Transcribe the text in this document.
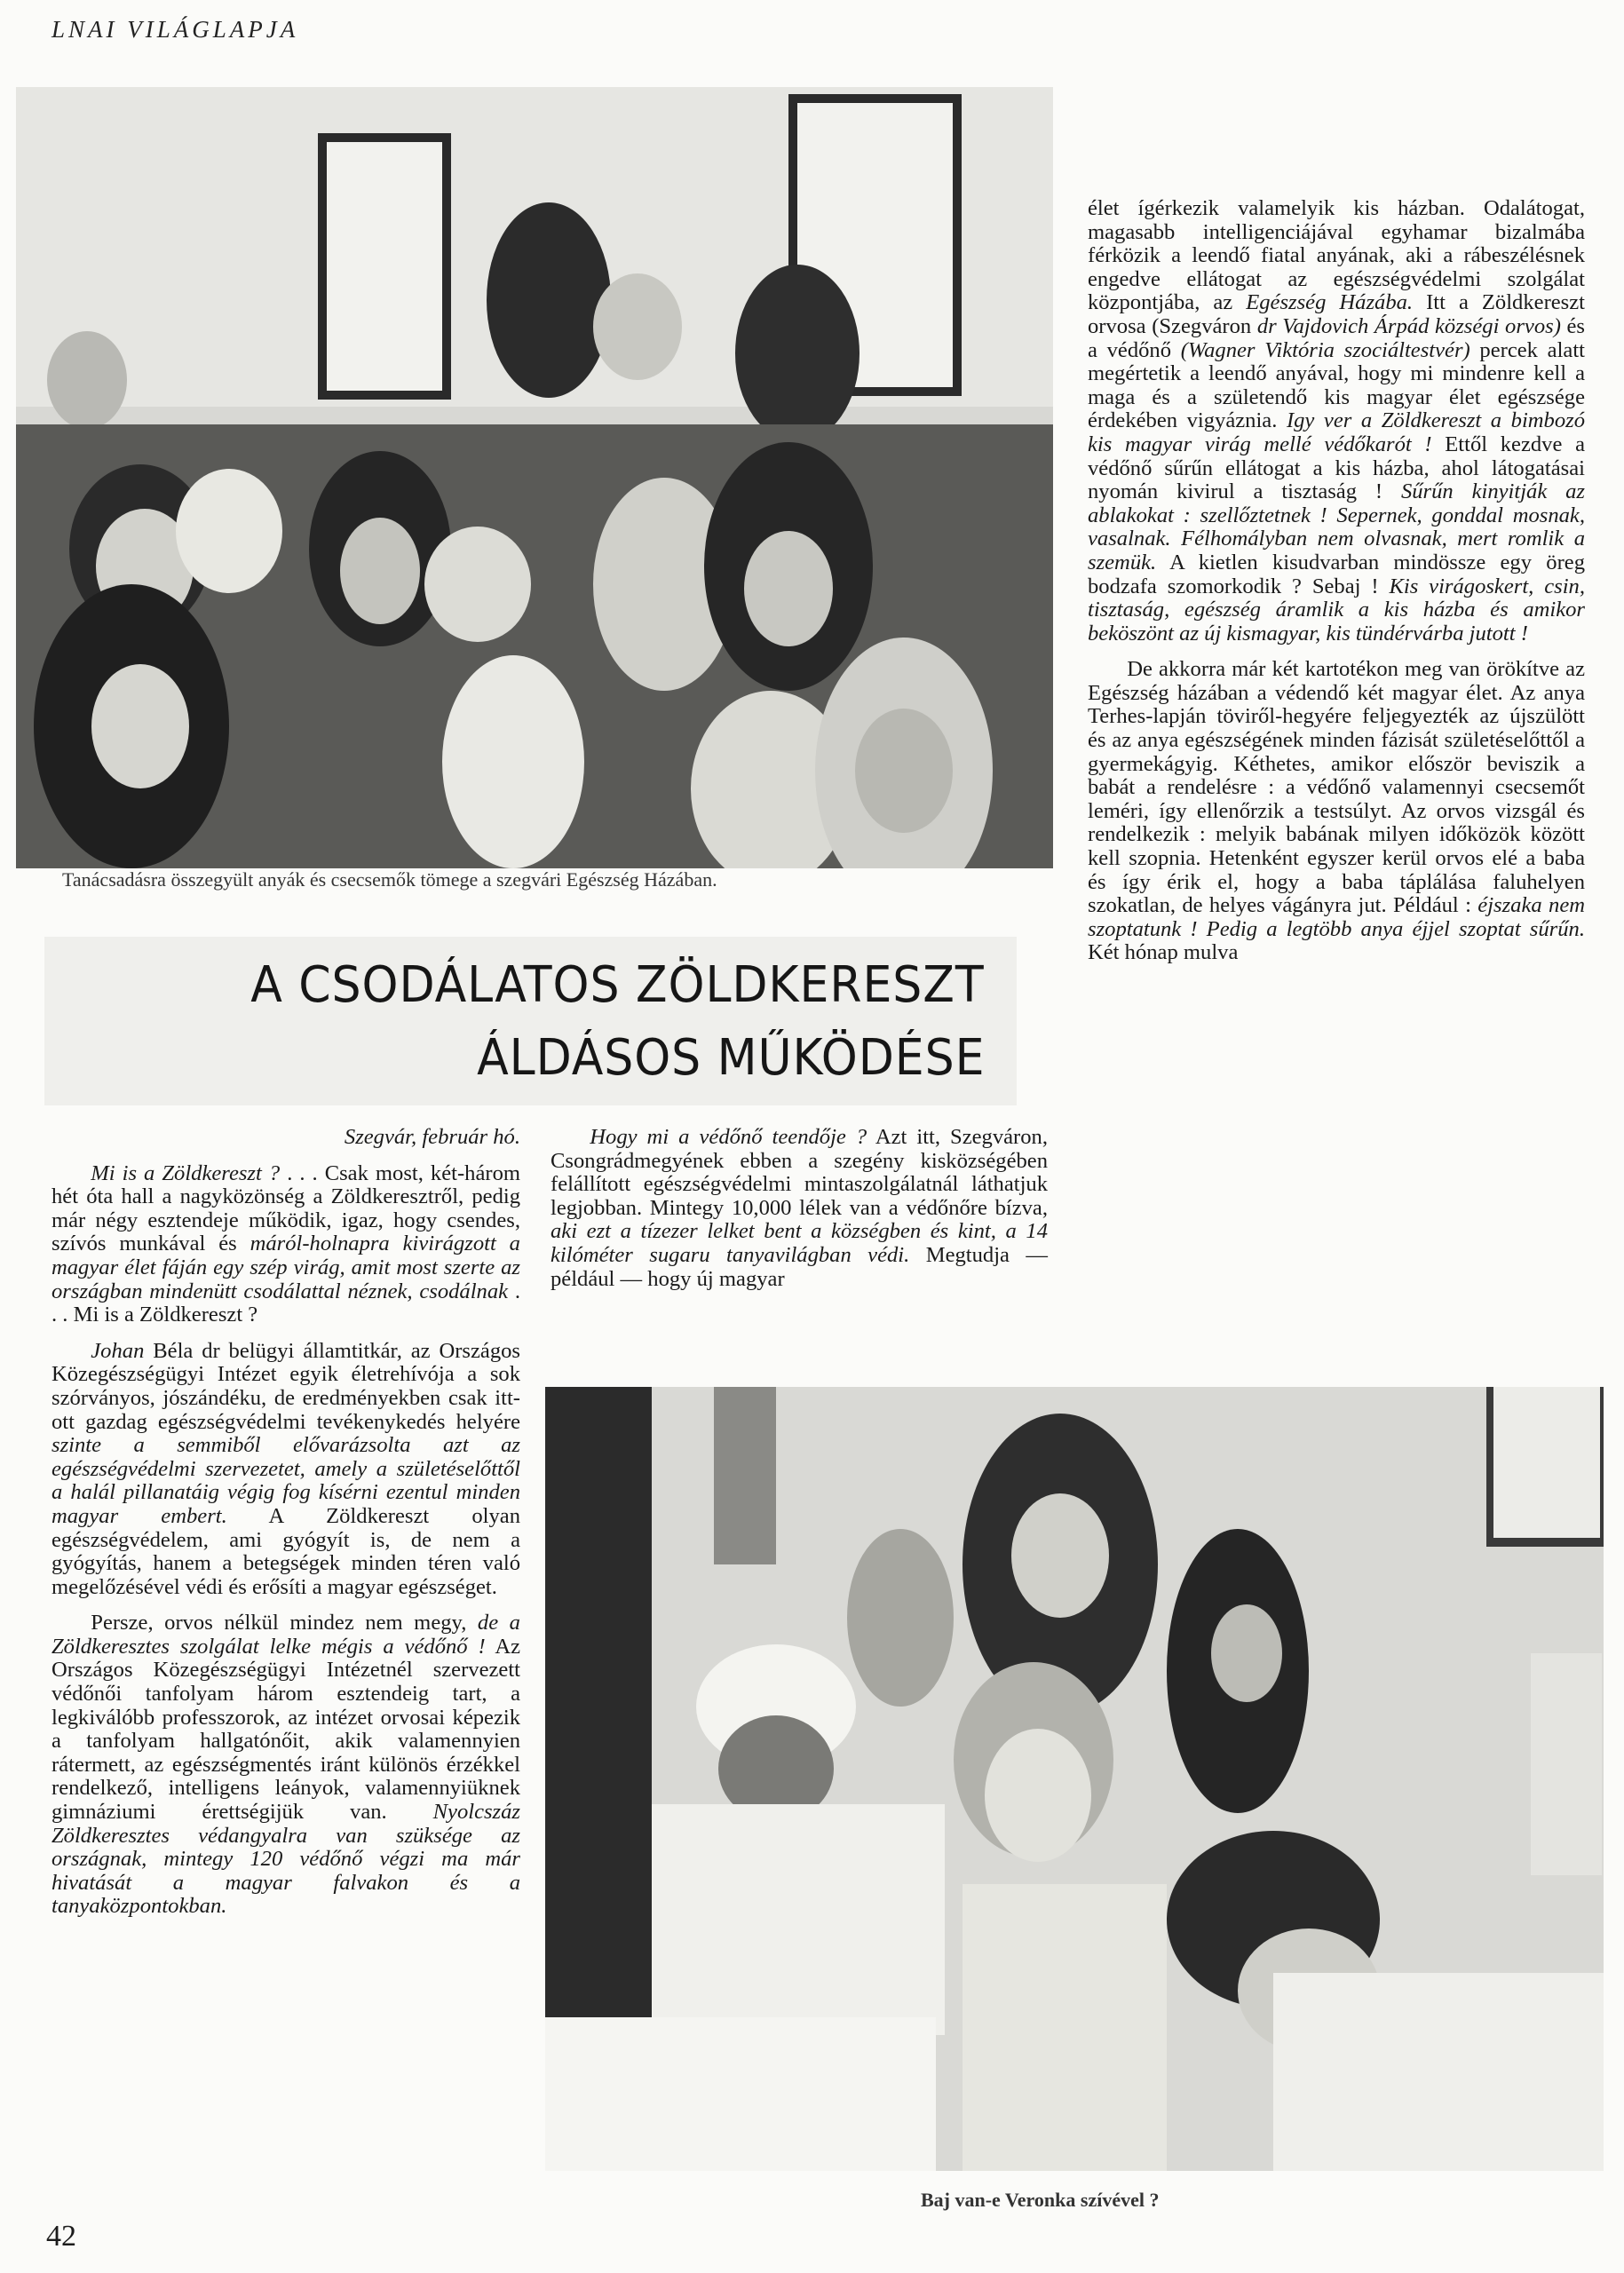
LNAI VILÁGLAPJA
Tanácsadásra összegyült anyák és csecsemők tömege a szegvári Egészség Házában.
A CSODÁLATOS ZÖLDKERESZT
ÁLDÁSOS MŰKÖDÉSE

Szegvár, február hó.

Mi is a Zöldkereszt ? . . . Csak most, két-három hét óta hall a nagyközönség a Zöldkeresztről, pedig már négy esztendeje működik, igaz, hogy csendes, szívós munkával és máról-holnapra kivirágzott a magyar élet fáján egy szép virág, amit most szerte az országban mindenütt csodálattal néznek, csodálnak . . . Mi is a Zöldkereszt ?

Johan Béla dr belügyi államtitkár, az Országos Közegészségügyi Intézet egyik életrehívója a sok szórványos, jószándéku, de eredményekben csak itt-ott gazdag egészségvédelmi tevékenykedés helyére szinte a semmiből elővarázsolta azt az egészségvédelmi szervezetet, amely a születéselőttől a halál pillanatáig végig fog kísérni ezentul minden magyar embert. A Zöldkereszt olyan egészségvédelem, ami gyógyít is, de nem a gyógyítás, hanem a betegségek minden téren való megelőzésével védi és erősíti a magyar egészséget.

Persze, orvos nélkül mindez nem megy, de a Zöldkeresztes szolgálat lelke mégis a védőnő ! Az Országos Közegészségügyi Intézetnél szervezett védőnői tanfolyam három esztendeig tart, a legkiválóbb professzorok, az intézet orvosai képezik a tanfolyam hallgatónőit, akik valamennyien rátermett, az egészségmentés iránt különös érzékkel rendelkező, intelligens leányok, valamennyiüknek gimnáziumi érettségijük van. Nyolcszáz Zöldkeresztes védangyalra van szüksége az országnak, mintegy 120 védőnő végzi ma már hivatását a magyar falvakon és a tanyaközpontokban.

Hogy mi a védőnő teendője ? Azt itt, Szegváron, Csongrádmegyének ebben a szegény kisközségében felállított egészségvédelmi mintaszolgálatnál láthatjuk legjobban. Mintegy 10,000 lélek van a védőnőre bízva, aki ezt a tízezer lelket bent a községben és kint, a 14 kilóméter sugaru tanyavilágban védi. Megtudja — például — hogy új magyar

élet ígérkezik valamelyik kis házban. Odalátogat, magasabb intelligenciájával egyhamar bizalmába férközik a leendő fiatal anyának, aki a rábeszélésnek engedve ellátogat az egészségvédelmi szolgálat központjába, az Egészség Házába. Itt a Zöldkereszt orvosa (Szegváron dr Vajdovich Árpád községi orvos) és a védőnő (Wagner Viktória szociáltestvér) percek alatt megértetik a leendő anyával, hogy mi mindenre kell a maga és a születendő kis magyar élet egészsége érdekében vigyáznia. Igy ver a Zöldkereszt a bimbozó kis magyar virág mellé védőkarót ! Ettől kezdve a védőnő sűrűn ellátogat a kis házba, ahol látogatásai nyomán kivirul a tisztaság ! Sűrűn kinyitják az ablakokat : szellőztetnek ! Sepernek, gonddal mosnak, vasalnak. Félhomályban nem olvasnak, mert romlik a szemük. A kietlen kisudvarban mindössze egy öreg bodzafa szomorkodik ? Sebaj ! Kis virágoskert, csin, tisztaság, egészség áramlik a kis házba és amikor beköszönt az új kismagyar, kis tündérvárba jutott !

De akkorra már két kartotékon meg van örökítve az Egészség házában a védendő két magyar élet. Az anya Terhes-lapján töviről-hegyére feljegyezték az újszülött és az anya egészségének minden fázisát születéselőttől a gyermekágyig. Kéthetes, amikor először beviszik a babát a rendelésre : a védőnő valamennyi csecsemőt leméri, így ellenőrzik a testsúlyt. Az orvos vizsgál és rendelkezik : melyik babának milyen időközök között kell szopnia. Hetenként egyszer kerül orvos elé a baba és így érik el, hogy a baba táplálása faluhelyen szokatlan, de helyes vágányra jut. Például : éjszaka nem szoptatunk ! Pedig a legtöbb anya éjjel szoptat sűrűn. Két hónap mulva

Baj van-e Veronka szívével ?
42
